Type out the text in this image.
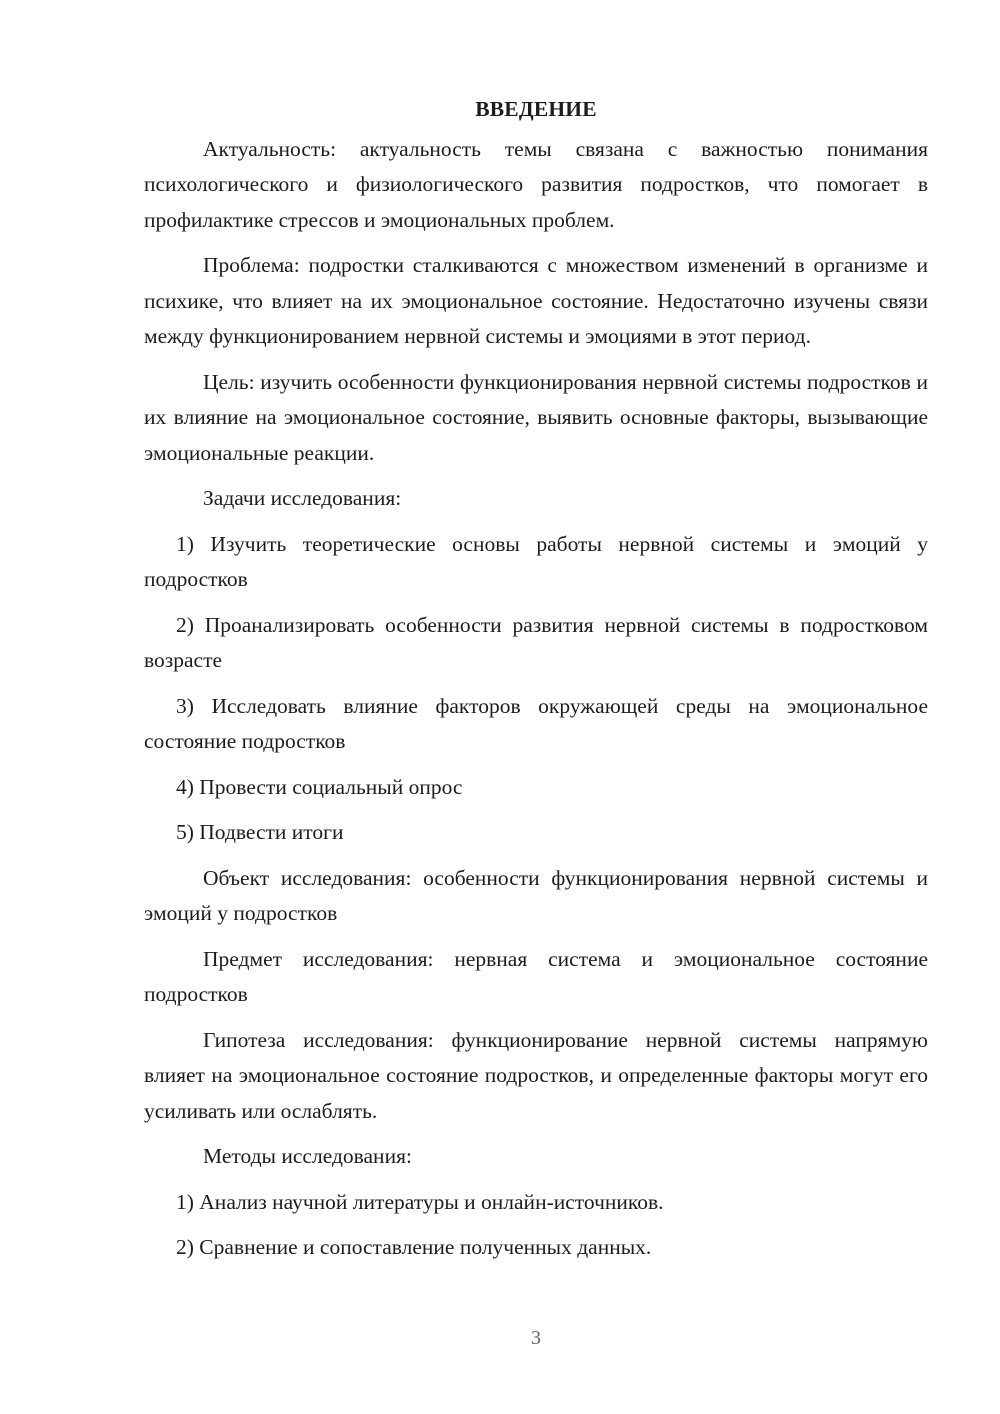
ВВЕДЕНИЕ

Актуальность: актуальность темы связана с важностью понимания психологического и физиологического развития подростков, что помогает в профилактике стрессов и эмоциональных проблем.

Проблема: подростки сталкиваются с множеством изменений в организме и психике, что влияет на их эмоциональное состояние. Недостаточно изучены связи между функционированием нервной системы и эмоциями в этот период.

Цель: изучить особенности функционирования нервной системы подростков и их влияние на эмоциональное состояние, выявить основные факторы, вызывающие эмоциональные реакции.

Задачи исследования:

1) Изучить теоретические основы работы нервной системы и эмоций у подростков

2) Проанализировать особенности развития нервной системы в подростковом возрасте

3) Исследовать влияние факторов окружающей среды на эмоциональное состояние подростков

4) Провести социальный опрос

5) Подвести итоги

Объект исследования: особенности функционирования нервной системы и эмоций у подростков

Предмет исследования: нервная система и эмоциональное состояние подростков

Гипотеза исследования: функционирование нервной системы напрямую влияет на эмоциональное состояние подростков, и определенные факторы могут его усиливать или ослаблять.

Методы исследования:

1) Анализ научной литературы и онлайн-источников.

2) Сравнение и сопоставление полученных данных.

3
